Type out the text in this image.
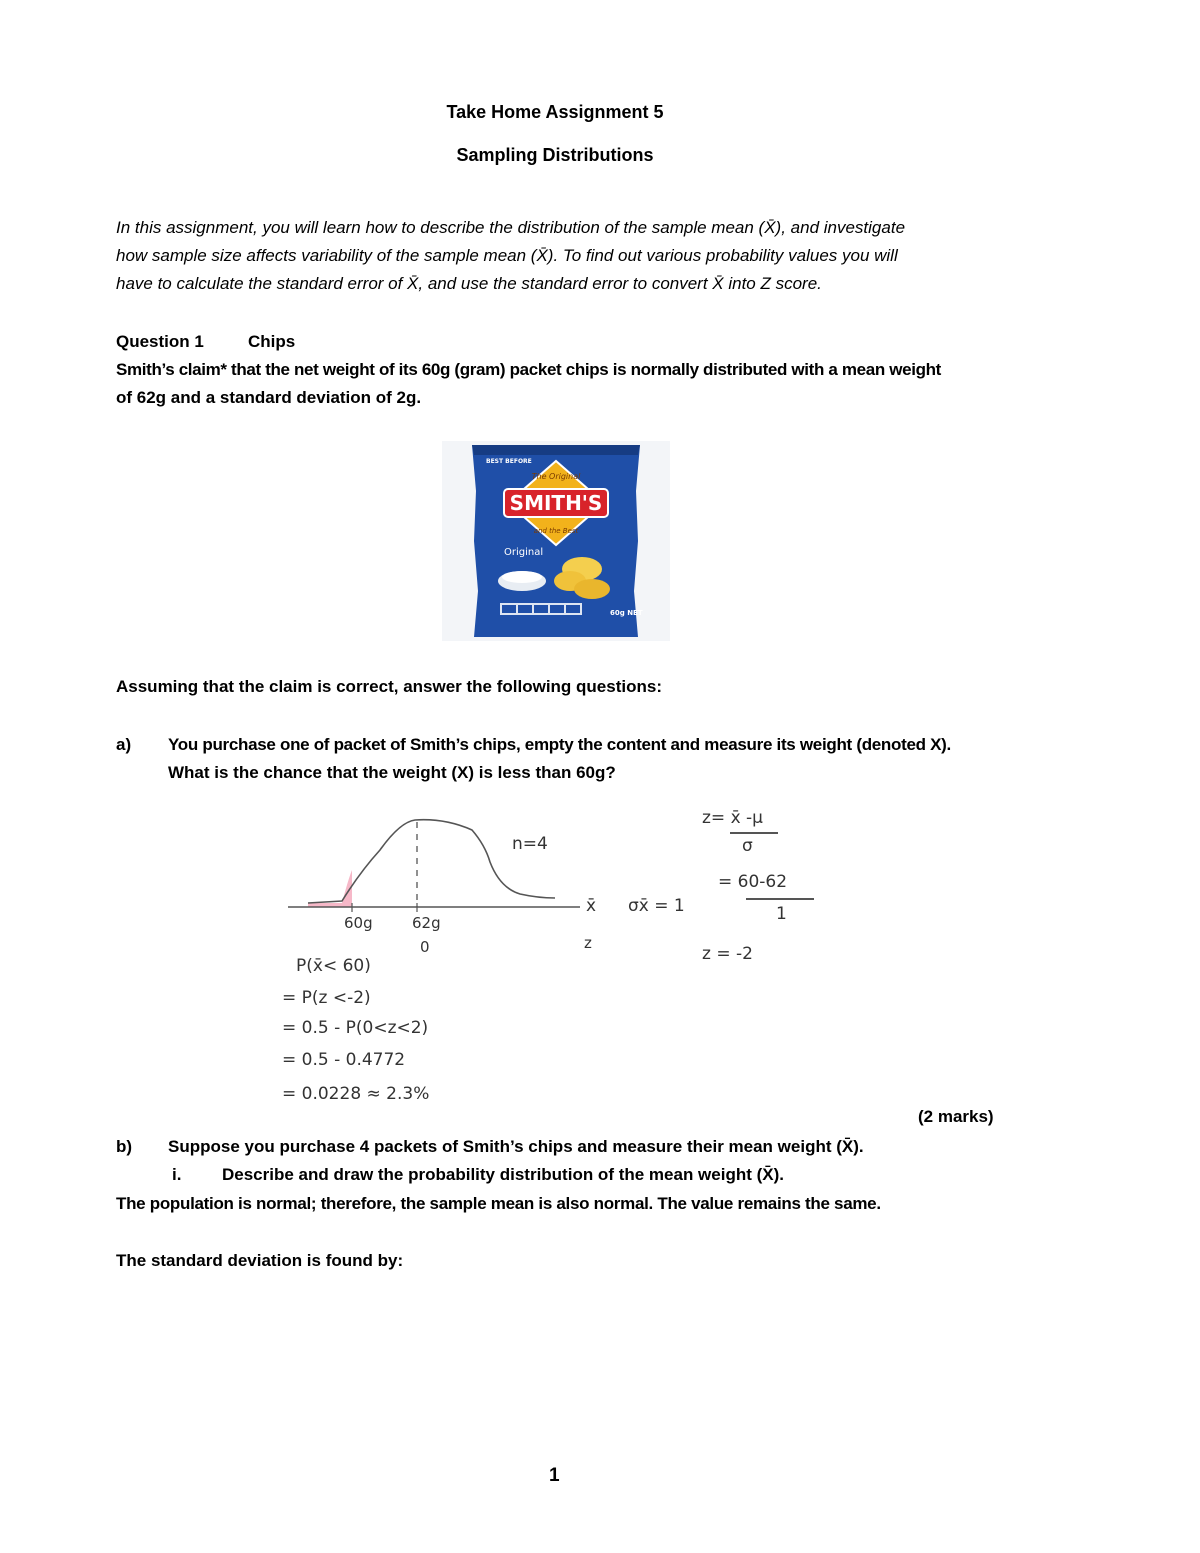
Take Home Assignment 5
Sampling Distributions
In this assignment, you will learn how to describe the distribution of the sample mean (X̄), and investigate
how sample size affects variability of the sample mean (X̄). To find out various probability values you will
have to calculate the standard error of X̄, and use the standard error to convert X̄ into Z score.
Question 1	Chips
Smith’s claim* that the net weight of its 60g (gram) packet chips is normally distributed with a mean weight
of 62g and a standard deviation of 2g.
BEST BEFORE
The Original
SMITH'S
and the Best
Original
60g NET
Assuming that the claim is correct, answer the following questions:
a) You purchase one of packet of Smith’s chips, empty the content and measure its weight (denoted X).
What is the chance that the weight (X) is less than 60g?
60g	62g
0
n=4
x̄
z
σx̄ = 1
z= x̄ -μ
σ
= 60-62
1
z = -2
P(x̄< 60)
= P(z <-2)
= 0.5 - P(0<z<2)
= 0.5 - 0.4772
= 0.0228 ≈ 2.3%
(2 marks)
b) Suppose you purchase 4 packets of Smith’s chips and measure their mean weight (X̄).
i. Describe and draw the probability distribution of the mean weight (X̄).
The population is normal; therefore, the sample mean is also normal. The value remains the same.
The standard deviation is found by:
1
